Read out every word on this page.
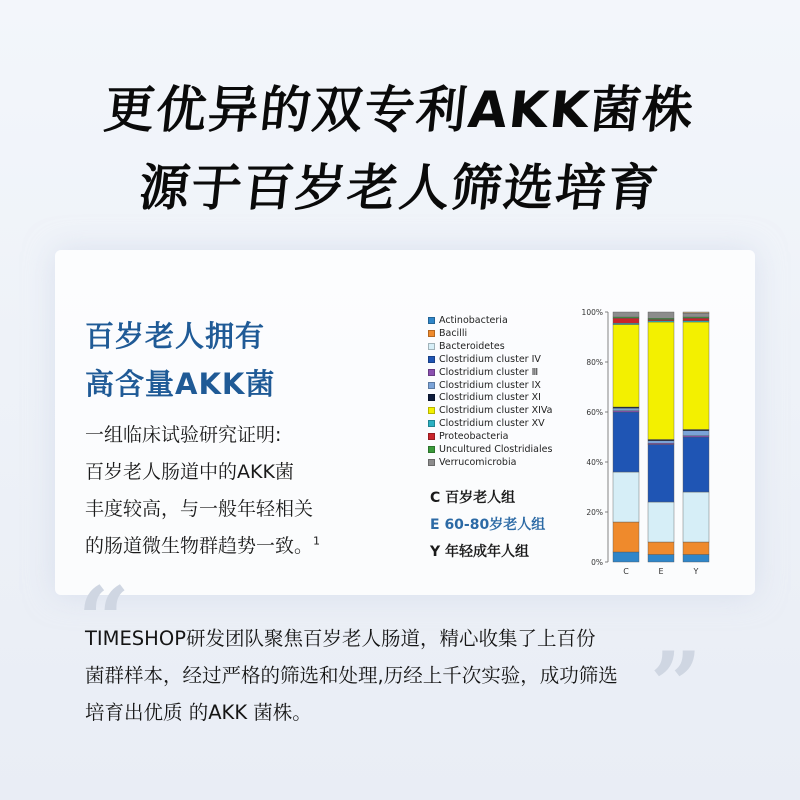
更优异的双专利AKK菌株
源于百岁老人筛选培育
百岁老人拥有
高含量AKK菌
一组临床试验研究证明:
百岁老人肠道中的AKK菌
丰度较高，与一般年轻相关
的肠道微生物群趋势一致。$^1$
Actinobacteria
Bacilli
Bacteroidetes
Clostridium cluster IV
Clostridium cluster Ⅲ
Clostridium cluster IX
Clostridium cluster XI
Clostridium cluster XIVa
Clostridium cluster XV
Proteobacteria
Uncultured Clostridiales
Verrucomicrobia
C 百岁老人组
E 60-80岁老人组
Y 年轻成年人组
0%
20%
40%
60%
80%
100%
C	E	Y
“
”
TIMESHOP研发团队聚焦百岁老人肠道，精心收集了上百份
菌群样本，经过严格的筛选和处理,历经上千次实验，成功筛选
培育出优质 的AKK 菌株。
